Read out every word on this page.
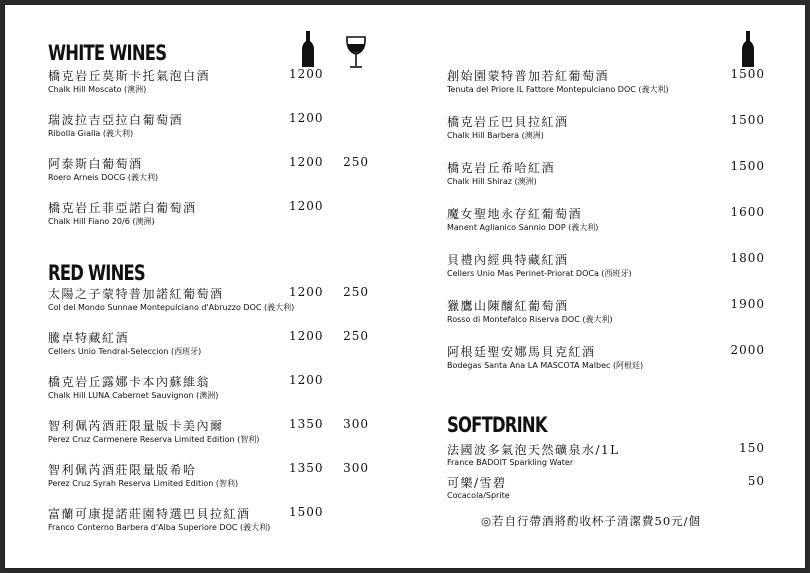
WHITE WINES
橋克岩丘莫斯卡托氣泡白酒
Chalk Hill Moscato (澳洲)
1200
瑞波拉吉亞拉白葡萄酒
Ribolla Gialla (義大利)
1200
阿泰斯白葡萄酒
Roero Arneis DOCG (義大利)
1200 250
橋克岩丘菲亞諾白葡萄酒
Chalk Hill Fiano 20/6 (澳洲)
1200
RED WINES
太陽之子蒙特普加諾紅葡萄酒
Col del Mondo Sunnae Montepulciano d'Abruzzo DOC (義大利)
1200 250
騰卓特藏紅酒
Cellers Unio Tendral-Seleccion (西班牙)
1200 250
橋克岩丘露娜卡本內蘇維翁
Chalk Hill LUNA Cabernet Sauvignon (澳洲)
1200
智利佩芮酒莊限量版卡美內爾
Perez Cruz Carmenere Reserva Limited Edition (智利)
1350 300
智利佩芮酒莊限量版希哈
Perez Cruz Syrah Reserva Limited Edition (智利)
1350 300
富蘭可康提諾莊園特選巴貝拉紅酒
Franco Conterno Barbera d'Alba Superiore DOC (義大利)
1500
創始園蒙特普加若紅葡萄酒
Tenuta del Priore IL Fattore Montepulciano DOC (義大利)
1500
橋克岩丘巴貝拉紅酒
Chalk Hill Barbera (澳洲)
1500
橋克岩丘希哈紅酒
Chalk Hill Shiraz (澳洲)
1500
魔女聖地永存紅葡萄酒
Manent Aglianico Sannio DOP (義大利)
1600
貝禮內經典特藏紅酒
Cellers Unio Mas Perinet-Priorat DOCa (西班牙)
1800
獵鷹山陳釀紅葡萄酒
Rosso di Montefalco Riserva DOC (義大利)
1900
阿根廷聖安娜馬貝克紅酒
Bodegas Santa Ana LA MASCOTA Malbec (阿根廷)
2000
SOFTDRINK
法國波多氣泡天然礦泉水/1L
France BADOIT Sparkling Water
150
可樂/雪碧
Cocacola/Sprite
50
◎若自行帶酒將酌收杯子清潔費50元/個
